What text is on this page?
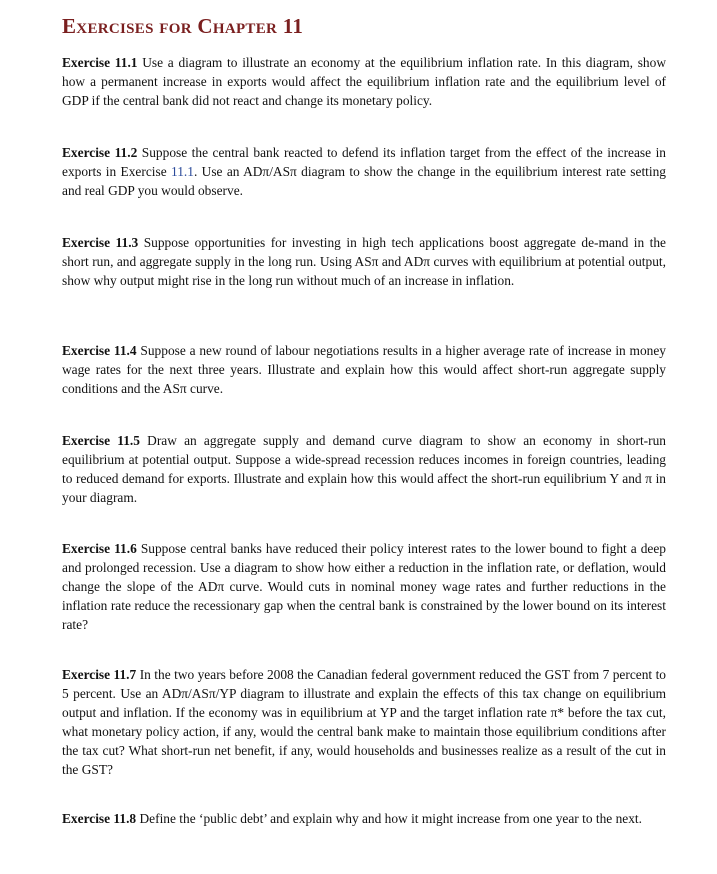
Exercises for Chapter 11

Exercise 11.1 Use a diagram to illustrate an economy at the equilibrium inflation rate. In this diagram, show how a permanent increase in exports would affect the equilibrium inflation rate and the equilibrium level of GDP if the central bank did not react and change its monetary policy.

Exercise 11.2 Suppose the central bank reacted to defend its inflation target from the effect of the increase in exports in Exercise 11.1. Use an ADπ/ASπ diagram to show the change in the equilibrium interest rate setting and real GDP you would observe.

Exercise 11.3 Suppose opportunities for investing in high tech applications boost aggregate de-mand in the short run, and aggregate supply in the long run. Using ASπ and ADπ curves with equilibrium at potential output, show why output might rise in the long run without much of an increase in inflation.

Exercise 11.4 Suppose a new round of labour negotiations results in a higher average rate of increase in money wage rates for the next three years. Illustrate and explain how this would affect short-run aggregate supply conditions and the ASπ curve.

Exercise 11.5 Draw an aggregate supply and demand curve diagram to show an economy in short-run equilibrium at potential output. Suppose a wide-spread recession reduces incomes in foreign countries, leading to reduced demand for exports. Illustrate and explain how this would affect the short-run equilibrium Y and π in your diagram.

Exercise 11.6 Suppose central banks have reduced their policy interest rates to the lower bound to fight a deep and prolonged recession. Use a diagram to show how either a reduction in the inflation rate, or deflation, would change the slope of the ADπ curve. Would cuts in nominal money wage rates and further reductions in the inflation rate reduce the recessionary gap when the central bank is constrained by the lower bound on its interest rate?

Exercise 11.7 In the two years before 2008 the Canadian federal government reduced the GST from 7 percent to 5 percent. Use an ADπ/ASπ/YP diagram to illustrate and explain the effects of this tax change on equilibrium output and inflation. If the economy was in equilibrium at YP and the target inflation rate π* before the tax cut, what monetary policy action, if any, would the central bank make to maintain those equilibrium conditions after the tax cut? What short-run net benefit, if any, would households and businesses realize as a result of the cut in the GST?

Exercise 11.8 Define the ‘public debt’ and explain why and how it might increase from one year to the next.
